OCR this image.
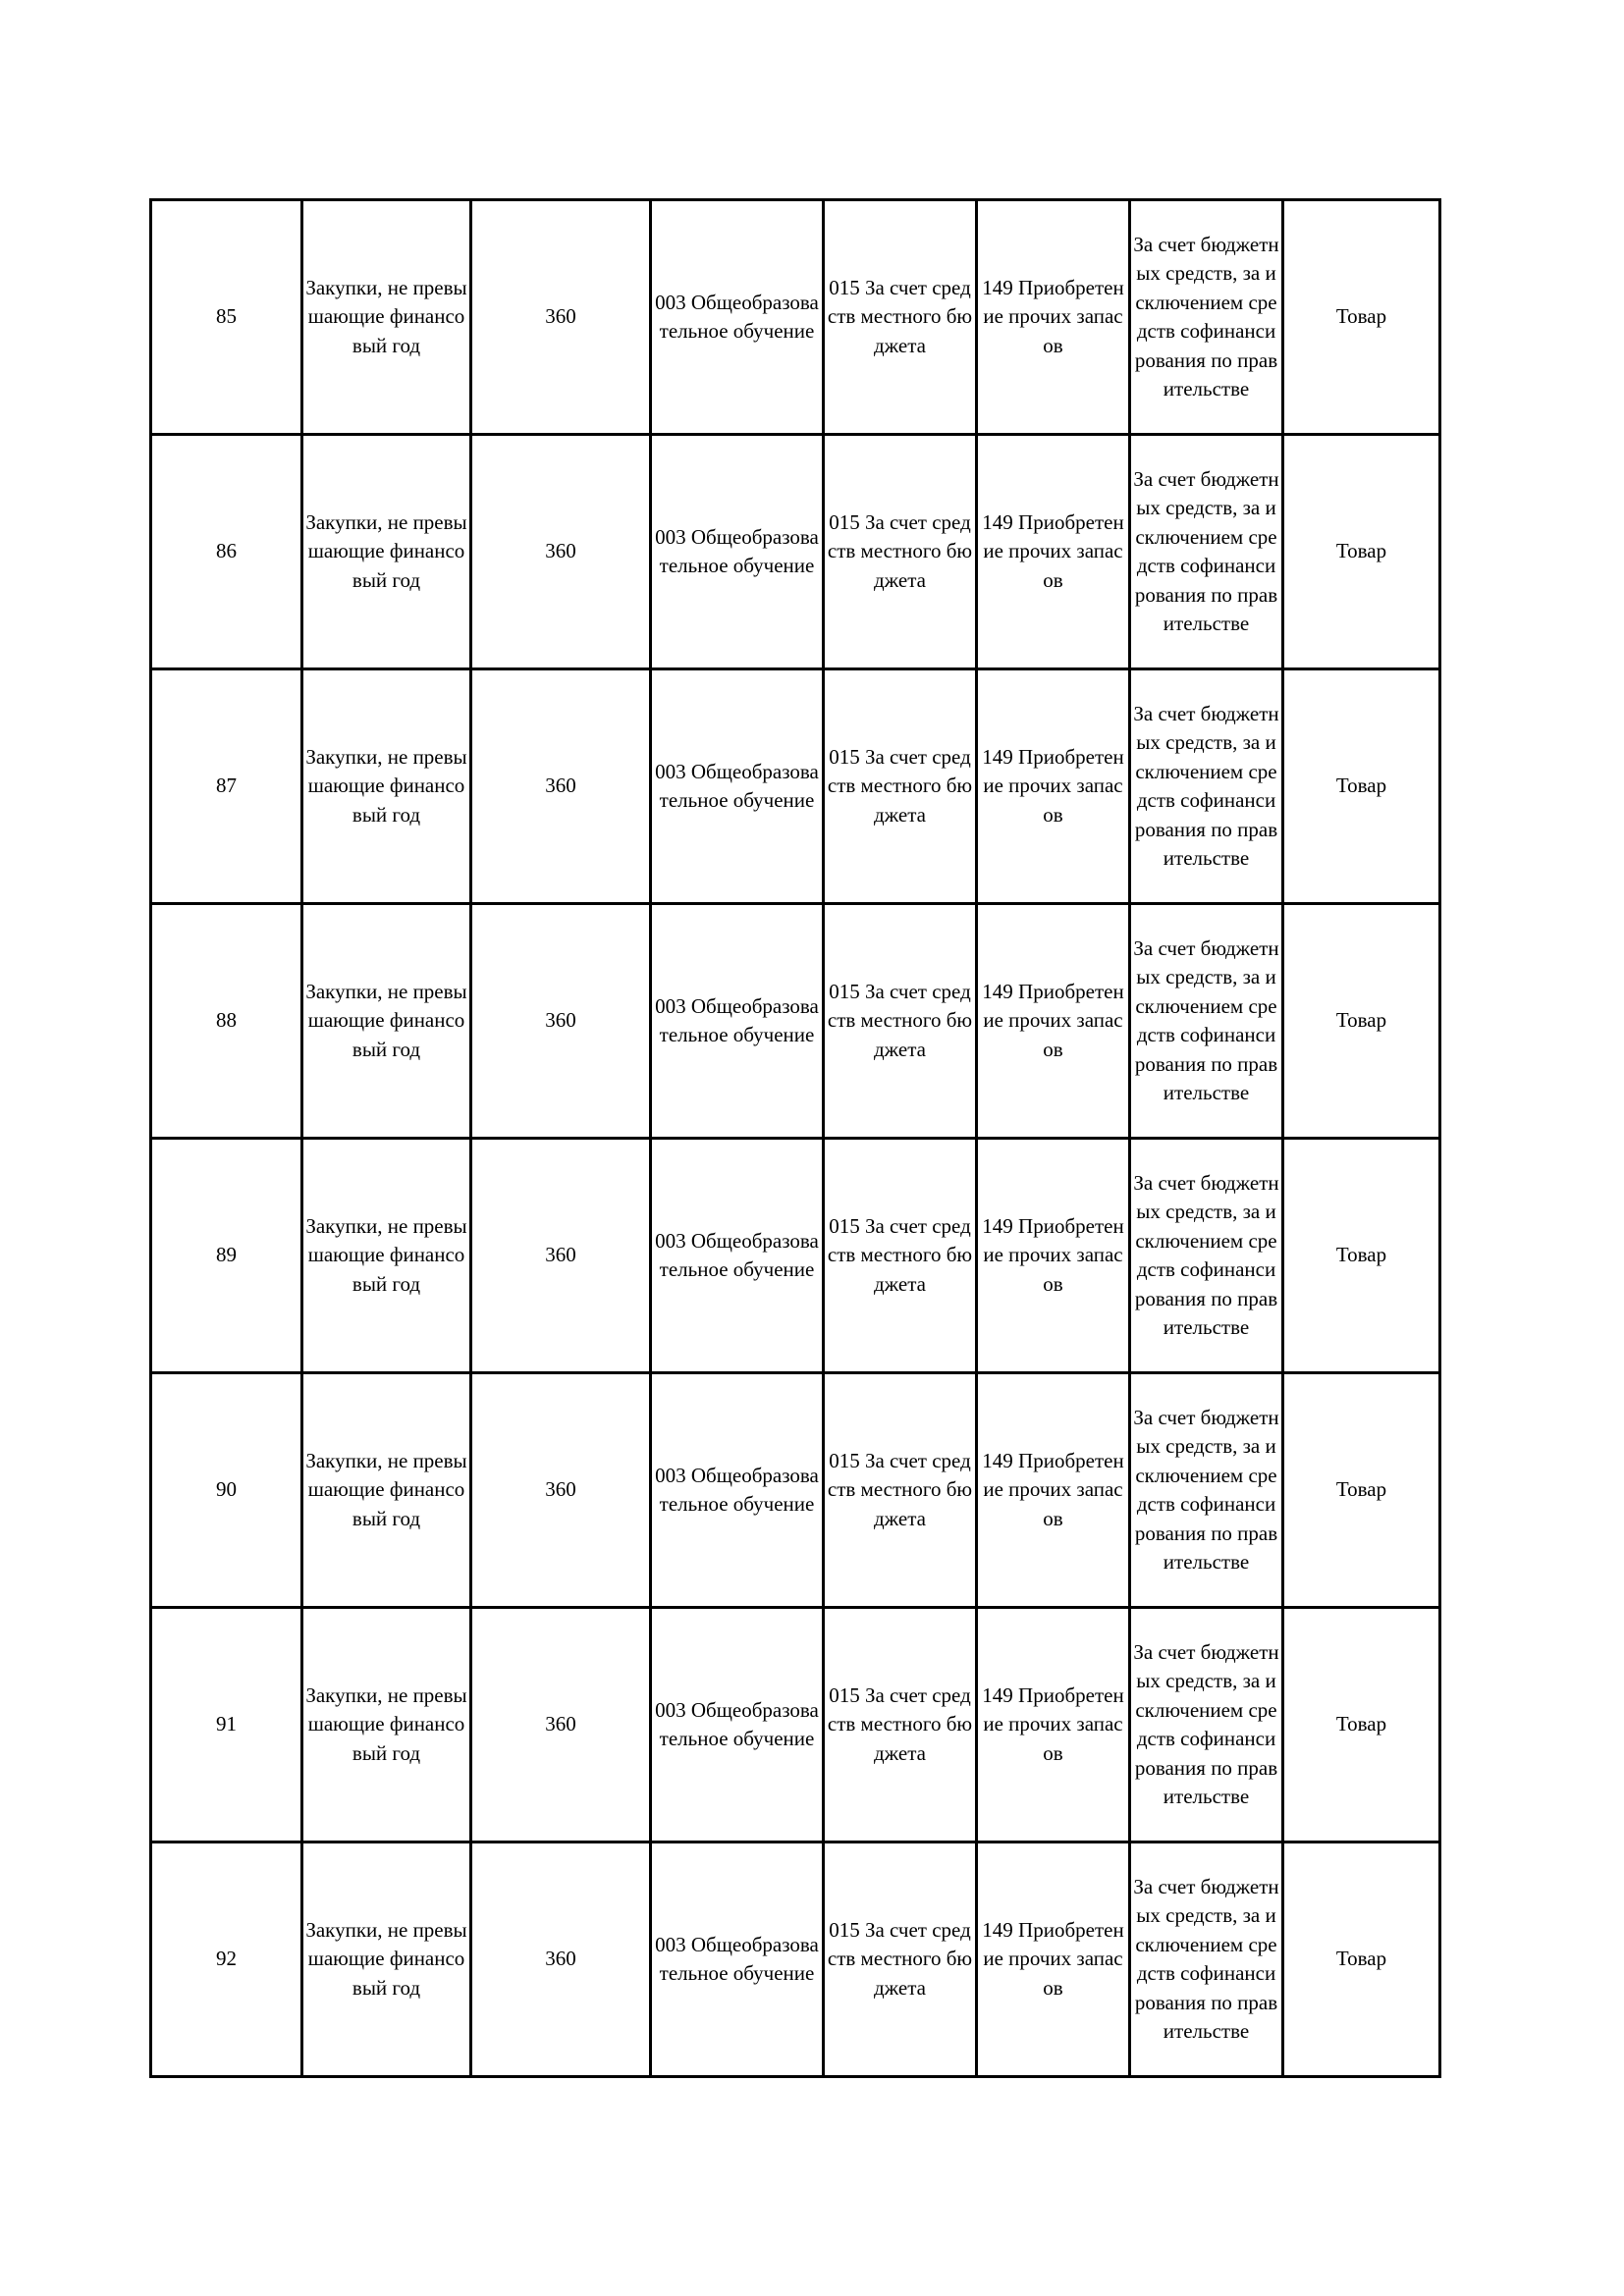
85	Закупки, не превышающие финансовый год	360	003 Общеобразовательное обучение	015 За счет средств местного бюджета	149 Приобретение прочих запасов	За счет бюджетных средств, за исключением средств софинансирования по правительстве	Товар
86	Закупки, не превышающие финансовый год	360	003 Общеобразовательное обучение	015 За счет средств местного бюджета	149 Приобретение прочих запасов	За счет бюджетных средств, за исключением средств софинансирования по правительстве	Товар
87	Закупки, не превышающие финансовый год	360	003 Общеобразовательное обучение	015 За счет средств местного бюджета	149 Приобретение прочих запасов	За счет бюджетных средств, за исключением средств софинансирования по правительстве	Товар
88	Закупки, не превышающие финансовый год	360	003 Общеобразовательное обучение	015 За счет средств местного бюджета	149 Приобретение прочих запасов	За счет бюджетных средств, за исключением средств софинансирования по правительстве	Товар
89	Закупки, не превышающие финансовый год	360	003 Общеобразовательное обучение	015 За счет средств местного бюджета	149 Приобретение прочих запасов	За счет бюджетных средств, за исключением средств софинансирования по правительстве	Товар
90	Закупки, не превышающие финансовый год	360	003 Общеобразовательное обучение	015 За счет средств местного бюджета	149 Приобретение прочих запасов	За счет бюджетных средств, за исключением средств софинансирования по правительстве	Товар
91	Закупки, не превышающие финансовый год	360	003 Общеобразовательное обучение	015 За счет средств местного бюджета	149 Приобретение прочих запасов	За счет бюджетных средств, за исключением средств софинансирования по правительстве	Товар
92	Закупки, не превышающие финансовый год	360	003 Общеобразовательное обучение	015 За счет средств местного бюджета	149 Приобретение прочих запасов	За счет бюджетных средств, за исключением средств софинансирования по правительстве	Товар
